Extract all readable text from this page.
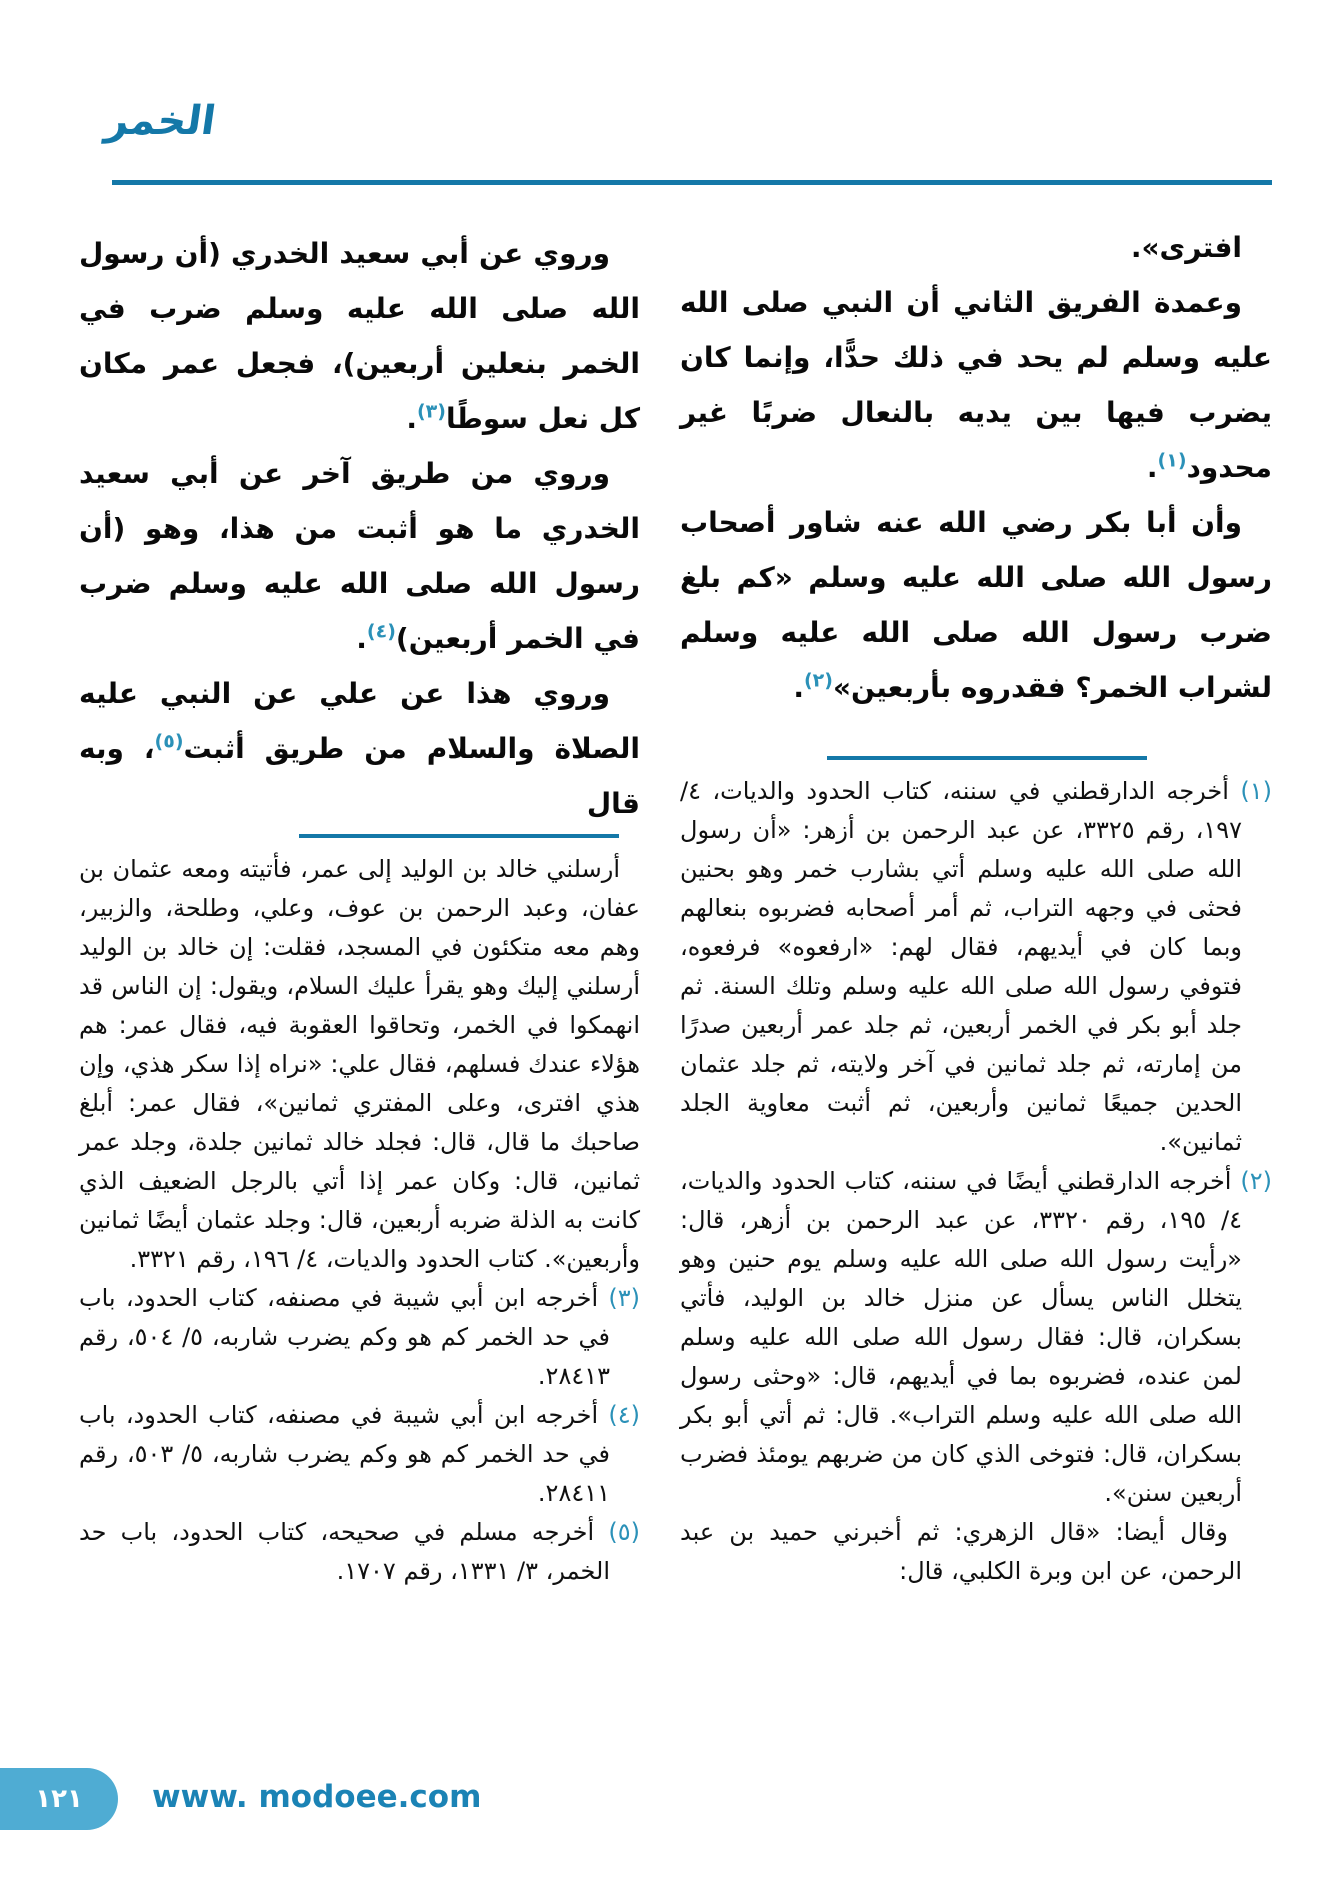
الخمر

افترى».

وعمدة الفريق الثاني أن النبي صلى الله عليه وسلم لم يحد في ذلك حدًّا، وإنما كان يضرب فيها بين يديه بالنعال ضربًا غير محدود$^{(١)}$.

وأن أبا بكر رضي الله عنه شاور أصحاب رسول الله صلى الله عليه وسلم «كم بلغ ضرب رسول الله صلى الله عليه وسلم لشراب الخمر؟ فقدروه بأربعين»$^{(٢)}$.

وروي عن أبي سعيد الخدري (أن رسول الله صلى الله عليه وسلم ضرب في الخمر بنعلين أربعين)، فجعل عمر مكان كل نعل سوطًا$^{(٣)}$.

وروي من طريق آخر عن أبي سعيد الخدري ما هو أثبت من هذا، وهو (أن رسول الله صلى الله عليه وسلم ضرب في الخمر أربعين)$^{(٤)}$.

وروي هذا عن علي عن النبي عليه الصلاة والسلام من طريق أثبت$^{(٥)}$، وبه قال	(١) أخرجه الدارقطني في سننه، كتاب الحدود والديات، ٤/ ١٩٧، رقم ٣٣٢٥، عن عبد الرحمن بن أزهر: «أن رسول الله صلى الله عليه وسلم أتي بشارب خمر وهو بحنين فحثى في وجهه التراب، ثم أمر أصحابه فضربوه بنعالهم وبما كان في أيديهم، فقال لهم: «ارفعوه» فرفعوه، فتوفي رسول الله صلى الله عليه وسلم وتلك السنة. ثم جلد أبو بكر في الخمر أربعين، ثم جلد عمر أربعين صدرًا من إمارته، ثم جلد ثمانين في آخر ولايته، ثم جلد عثمان الحدين جميعًا ثمانين وأربعين، ثم أثبت معاوية الجلد ثمانين».

(٢) أخرجه الدارقطني أيضًا في سننه، كتاب الحدود والديات، ٤/ ١٩٥، رقم ٣٣٢٠، عن عبد الرحمن بن أزهر، قال: «رأيت رسول الله صلى الله عليه وسلم يوم حنين وهو يتخلل الناس يسأل عن منزل خالد بن الوليد، فأتي بسكران، قال: فقال رسول الله صلى الله عليه وسلم لمن عنده، فضربوه بما في أيديهم، قال: «وحثى رسول الله صلى الله عليه وسلم التراب». قال: ثم أتي أبو بكر بسكران، قال: فتوخى الذي كان من ضربهم يومئذ فضرب أربعين سنن».

وقال أيضا: «قال الزهري: ثم أخبرني حميد بن عبد الرحمن، عن ابن وبرة الكلبي، قال:

أرسلني خالد بن الوليد إلى عمر، فأتيته ومعه عثمان بن عفان، وعبد الرحمن بن عوف، وعلي، وطلحة، والزبير، وهم معه متكئون في المسجد، فقلت: إن خالد بن الوليد أرسلني إليك وهو يقرأ عليك السلام، ويقول: إن الناس قد انهمكوا في الخمر، وتحاقوا العقوبة فيه، فقال عمر: هم هؤلاء عندك فسلهم، فقال علي: «نراه إذا سكر هذي، وإن هذي افترى، وعلى المفتري ثمانين»، فقال عمر: أبلغ صاحبك ما قال، قال: فجلد خالد ثمانين جلدة، وجلد عمر ثمانين، قال: وكان عمر إذا أتي بالرجل الضعيف الذي كانت به الذلة ضربه أربعين، قال: وجلد عثمان أيضًا ثمانين وأربعين». كتاب الحدود والديات، ٤/ ١٩٦، رقم ٣٣٢١.

(٣) أخرجه ابن أبي شيبة في مصنفه، كتاب الحدود، باب في حد الخمر كم هو وكم يضرب شاربه، ٥/ ٥٠٤، رقم ٢٨٤١٣.

(٤) أخرجه ابن أبي شيبة في مصنفه، كتاب الحدود، باب في حد الخمر كم هو وكم يضرب شاربه، ٥/ ٥٠٣، رقم ٢٨٤١١.

(٥) أخرجه مسلم في صحيحه، كتاب الحدود، باب حد الخمر، ٣/ ١٣٣١، رقم ١٧٠٧.

١٢١ www. modoee.com
